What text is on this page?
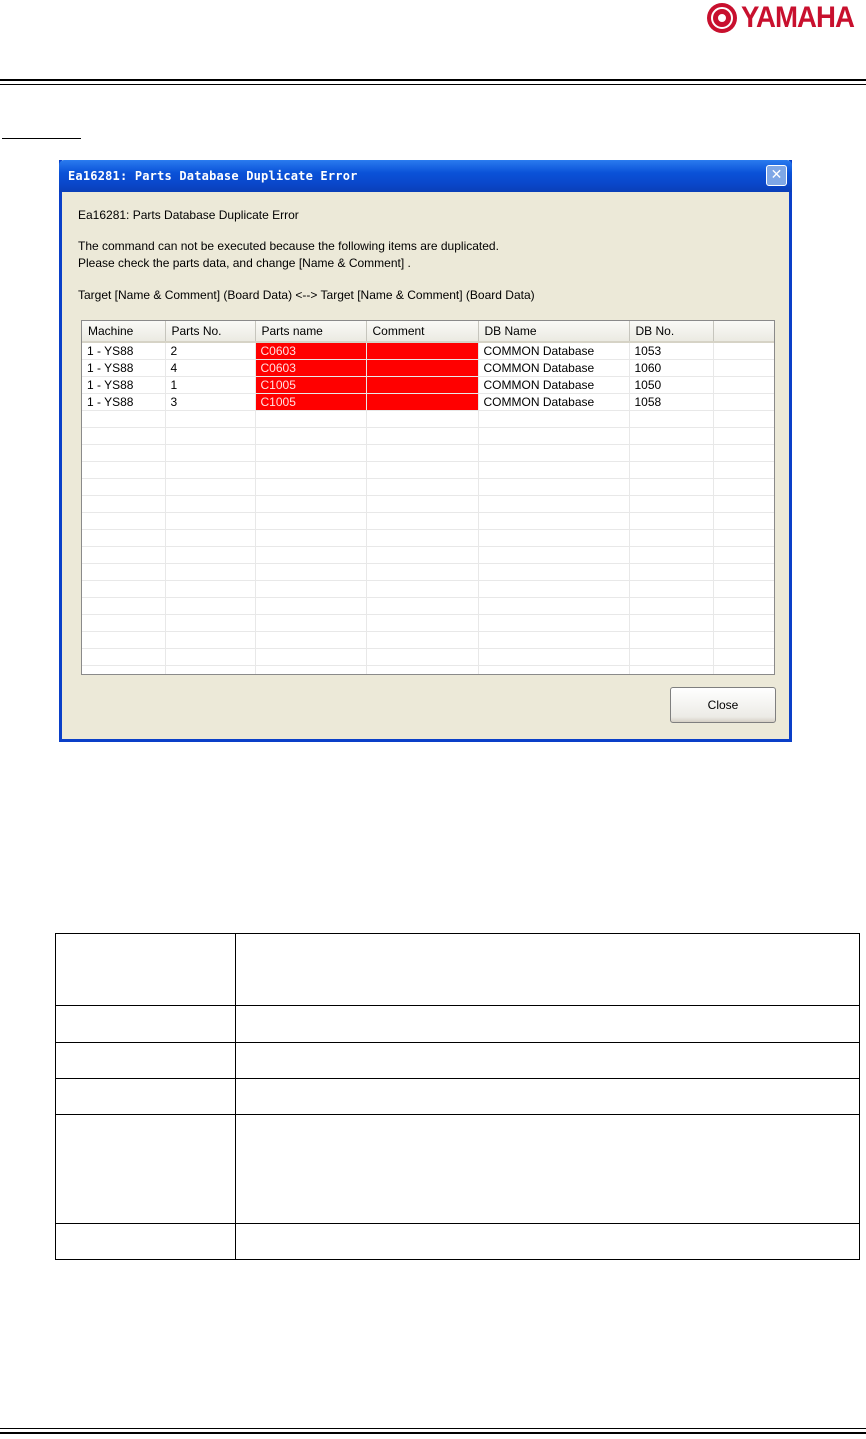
YAMAHA
Ea16281: Parts Database Duplicate Error	✕
Ea16281: Parts Database Duplicate Error
The command can not be executed because the following items are duplicated.
Please check the parts data, and change [Name & Comment] .
Target [Name & Comment] (Board Data) <--> Target [Name & Comment] (Board Data)
Machine	Parts No.	Parts name	Comment	DB Name	DB No.	
1 - YS88	2	C0603		COMMON Database	1053	
1 - YS88	4	C0603		COMMON Database	1060	
1 - YS88	1	C1005		COMMON Database	1050	
1 - YS88	3	C1005		COMMON Database	1058	

Close
